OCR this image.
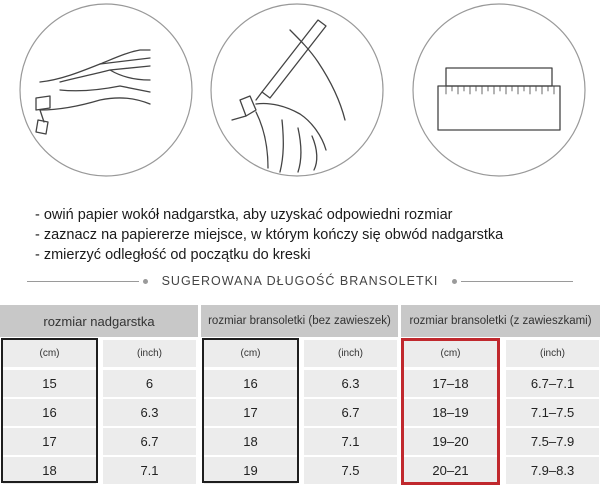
- owiń papier wokół nadgarstka, aby uzyskać odpowiedni rozmiar
- zaznacz na papiererze miejsce, w którym kończy się obwód nadgarstka
- zmierzyć odległość od początku do kreski
SUGEROWANA DŁUGOŚĆ BRANSOLETKI
rozmiar nadgarstka	rozmiar bransoletki (bez zawieszek)	rozmiar bransoletki (z zawieszkami)
(cm)
15
16
17
18
(inch)
6
6.3
6.7
7.1
(cm)
16
17
18
19
(inch)
6.3
6.7
7.1
7.5
(cm)
17–18
18–19
19–20
20–21
(inch)
6.7–7.1
7.1–7.5
7.5–7.9
7.9–8.3
